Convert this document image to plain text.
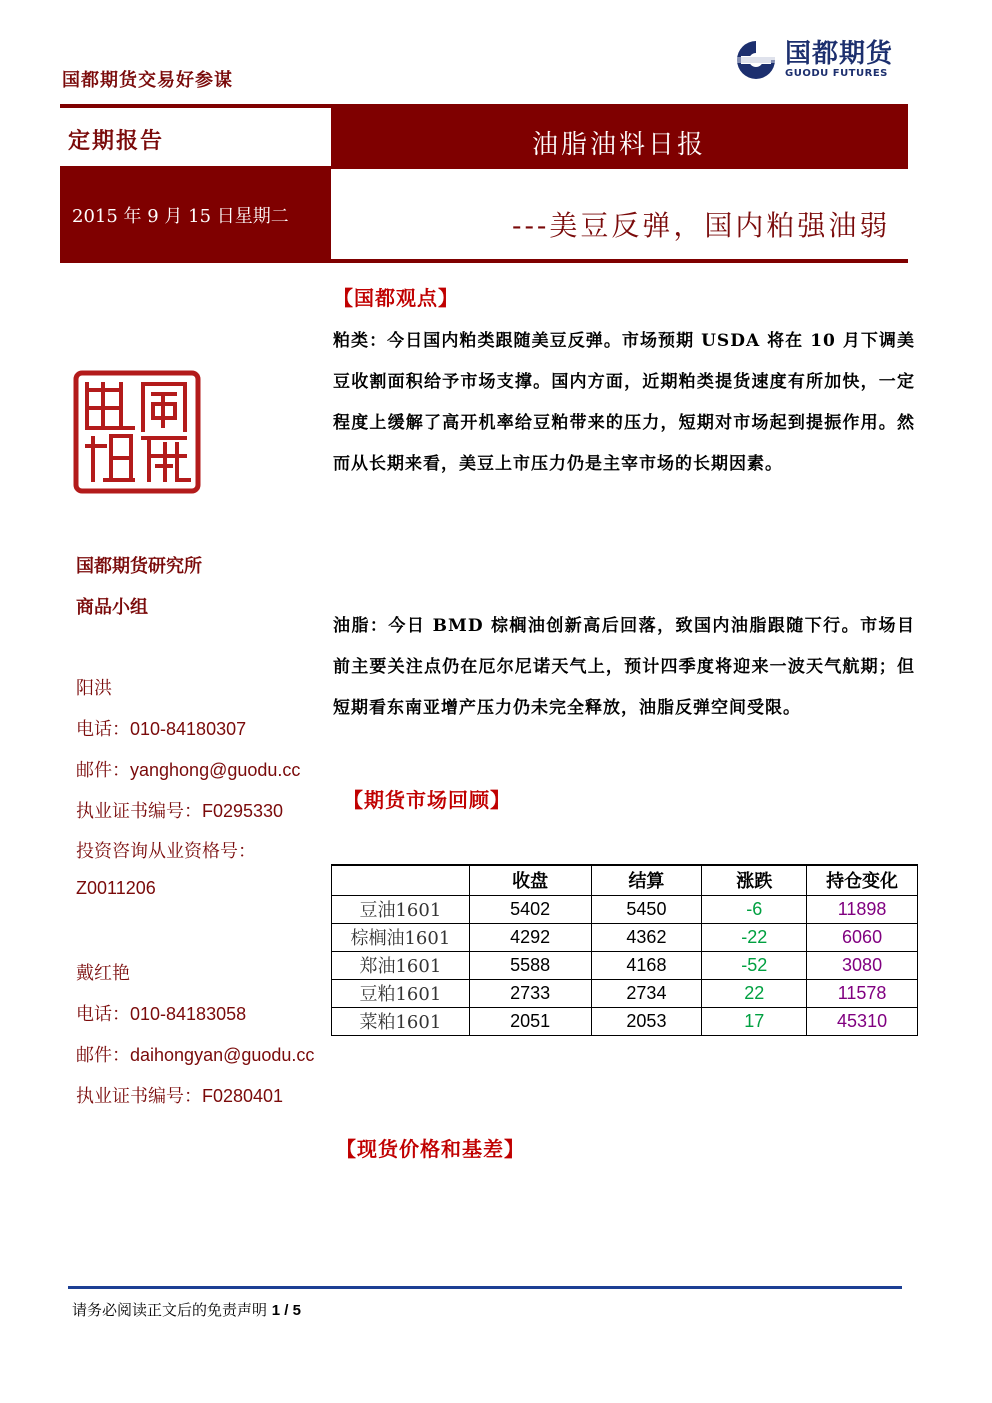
国都期货交易好参谋
国都期货
GUODU FUTURES
定期报告	油脂油料日报
2015 年 9 月 15 日星期二	---美豆反弹，国内粕强油弱
国都期货研究所
商品小组
阳洪
电话：010-84180307
邮件：yanghong@guodu.cc
执业证书编号：F0295330
投资咨询从业资格号：
Z0011206
戴红艳
电话：010-84183058
邮件：daihongyan@guodu.cc
执业证书编号：F0280401
【国都观点】
粕类：今日国内粕类跟随美豆反弹。市场预期 USDA 将在 10 月下调美豆收割面积给予市场支撑。国内方面，近期粕类提货速度有所加快，一定程度上缓解了高开机率给豆粕带来的压力，短期对市场起到提振作用。然而从长期来看，美豆上市压力仍是主宰市场的长期因素。
油脂：今日 BMD 棕榈油创新高后回落，致国内油脂跟随下行。市场目前主要关注点仍在厄尔尼诺天气上，预计四季度将迎来一波天气航期；但短期看东南亚增产压力仍未完全释放，油脂反弹空间受限。
【期货市场回顾】
	收盘	结算	涨跌	持仓变化
豆油1601	5402	5450	-6	11898
棕榈油1601	4292	4362	-22	6060
郑油1601	5588	4168	-52	3080
豆粕1601	2733	2734	22	11578
菜粕1601	2051	2053	17	45310
【现货价格和基差】
请务必阅读正文后的免责声明 1 / 5
